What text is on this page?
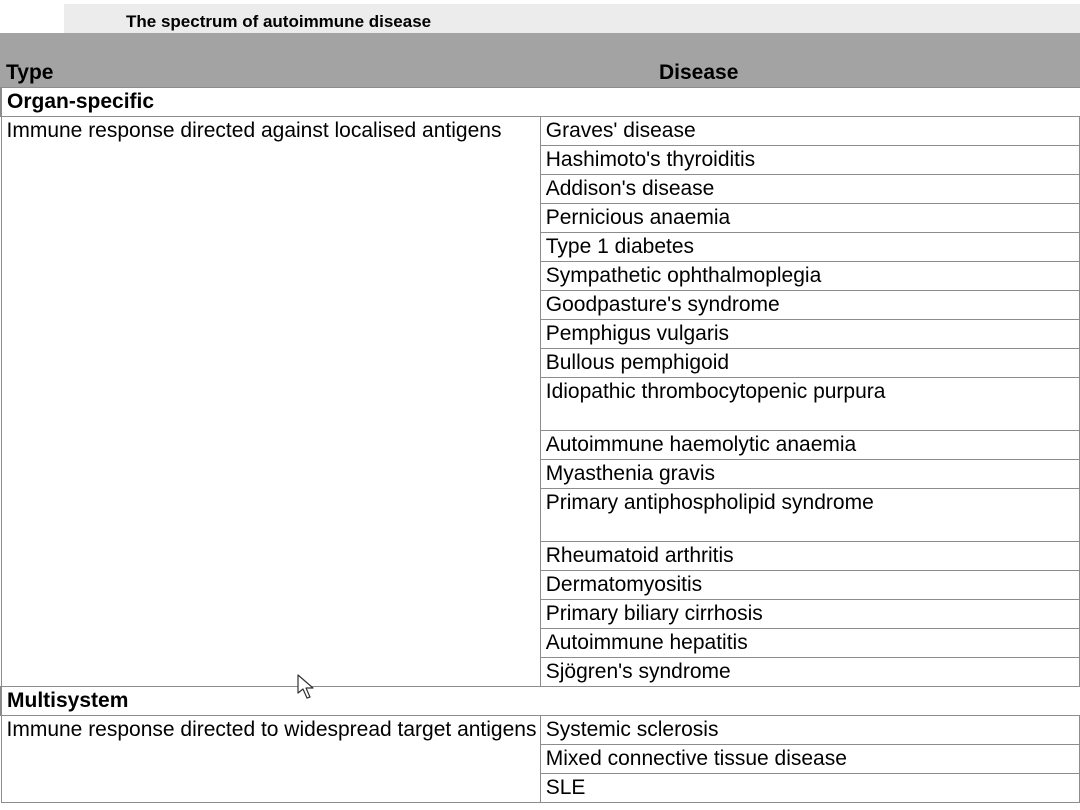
The spectrum of autoimmune disease
Type	Disease
Organ-specific	
Immune response directed against localised antigens	Graves' disease
	Hashimoto's thyroiditis
	Addison's disease
	Pernicious anaemia
	Type 1 diabetes
	Sympathetic ophthalmoplegia
	Goodpasture's syndrome
	Pemphigus vulgaris
	Bullous pemphigoid
	Idiopathic thrombocytopenic purpura
	Autoimmune haemolytic anaemia
	Myasthenia gravis
	Primary antiphospholipid syndrome
	Rheumatoid arthritis
	Dermatomyositis
	Primary biliary cirrhosis
	Autoimmune hepatitis
	Sjögren's syndrome
Multisystem	
Immune response directed to widespread target antigens	Systemic sclerosis
	Mixed connective tissue disease
	SLE
